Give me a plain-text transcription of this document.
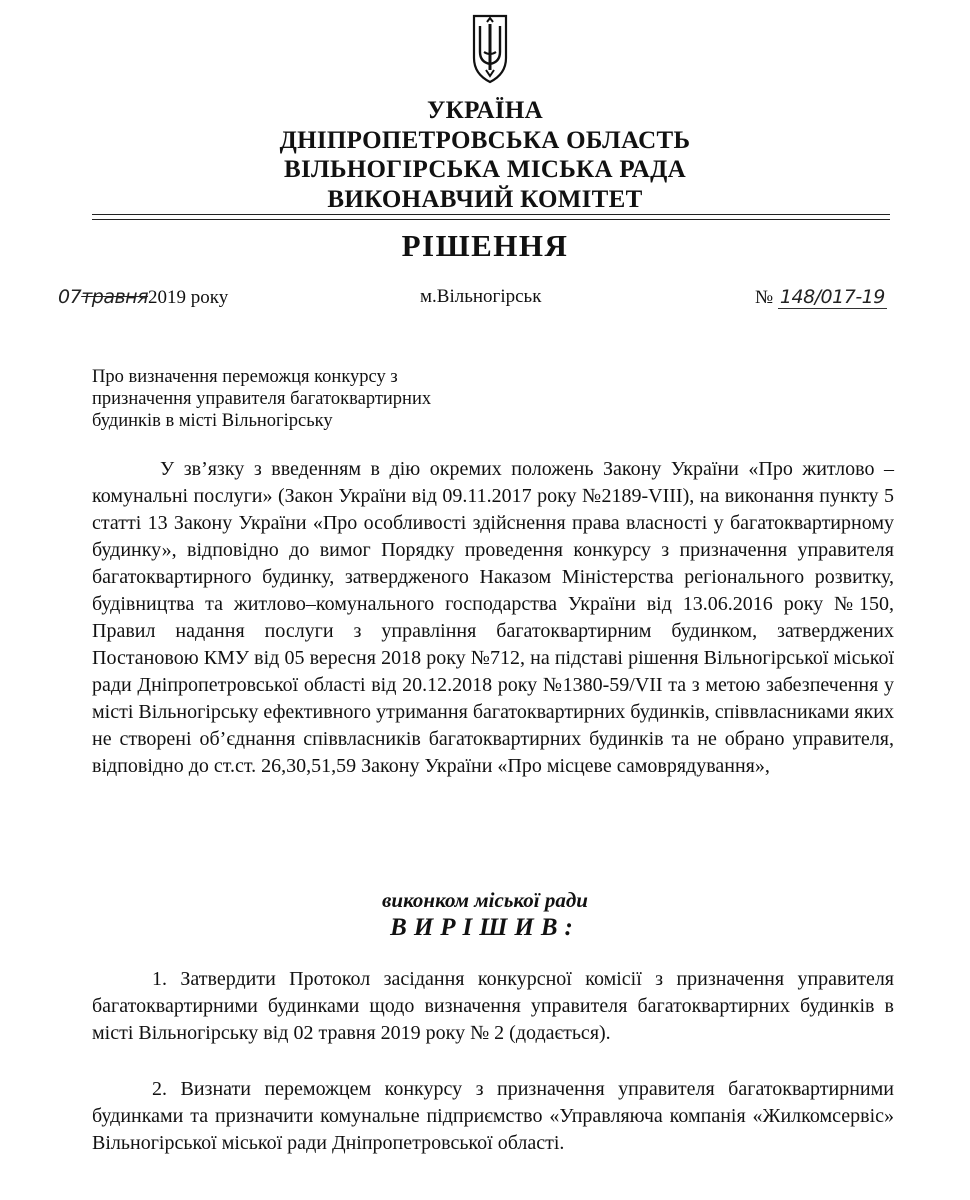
УКРАЇНА
ДНІПРОПЕТРОВСЬКА ОБЛАСТЬ
ВІЛЬНОГІРСЬКА МІСЬКА РАДА
ВИКОНАВЧИЙ КОМІТЕТ
РІШЕННЯ
07травня2019 року	м.Вільногірськ	№ 148/017-19
Про визначення переможця конкурсу з
призначення управителя багатоквартирних
будинків в місті Вільногірську
У зв’язку з введенням в дію окремих положень Закону України «Про житлово – комунальні послуги» (Закон України від 09.11.2017 року №2189-VIII), на виконання пункту 5 статті 13 Закону України «Про особливості здійснення права власності у багатоквартирному будинку», відповідно до вимог Порядку проведення конкурсу з призначення управителя багатоквартирного будинку, затвердженого Наказом Міністерства регіонального розвитку, будівництва та житлово–комунального господарства України від 13.06.2016 року №150, Правил надання послуги з управління багатоквартирним будинком, затверджених Постановою КМУ від 05 вересня 2018 року №712, на підставі рішення Вільногірської міської ради Дніпропетровської області від 20.12.2018 року №1380-59/VII та з метою забезпечення у місті Вільногірську ефективного утримання багатоквартирних будинків, співвласниками яких не створені об’єднання співвласників багатоквартирних будинків та не обрано управителя, відповідно до ст.ст. 26,30,51,59 Закону України «Про місцеве самоврядування»,
виконком міської ради
ВИРІШИВ:
1. Затвердити Протокол засідання конкурсної комісії з призначення управителя багатоквартирними будинками щодо визначення управителя багатоквартирних будинків в місті Вільногірську від 02 травня 2019 року № 2 (додається).
2. Визнати переможцем конкурсу з призначення управителя багатоквартирними будинками та призначити комунальне підприємство «Управляюча компанія «Жилкомсервіс» Вільногірської міської ради Дніпропетровської області.
